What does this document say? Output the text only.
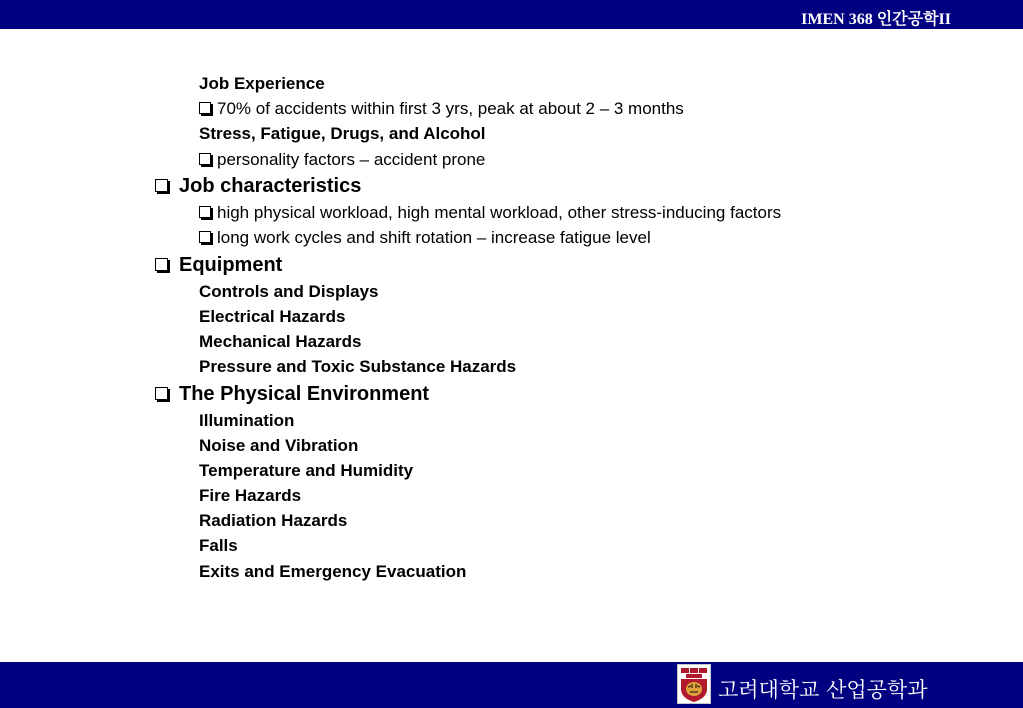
IMEN 368 인간공학II
Job Experience
70% of accidents within first 3 yrs, peak at about 2 – 3 months
Stress, Fatigue, Drugs, and Alcohol
personality factors – accident prone
Job characteristics
high physical workload, high mental workload, other stress-inducing factors
long work cycles and shift rotation – increase fatigue level
Equipment
Controls and Displays
Electrical Hazards
Mechanical Hazards
Pressure and Toxic Substance Hazards
The Physical Environment
Illumination
Noise and Vibration
Temperature and Humidity
Fire Hazards
Radiation Hazards
Falls
Exits and Emergency Evacuation
고려대학교 산업공학과
